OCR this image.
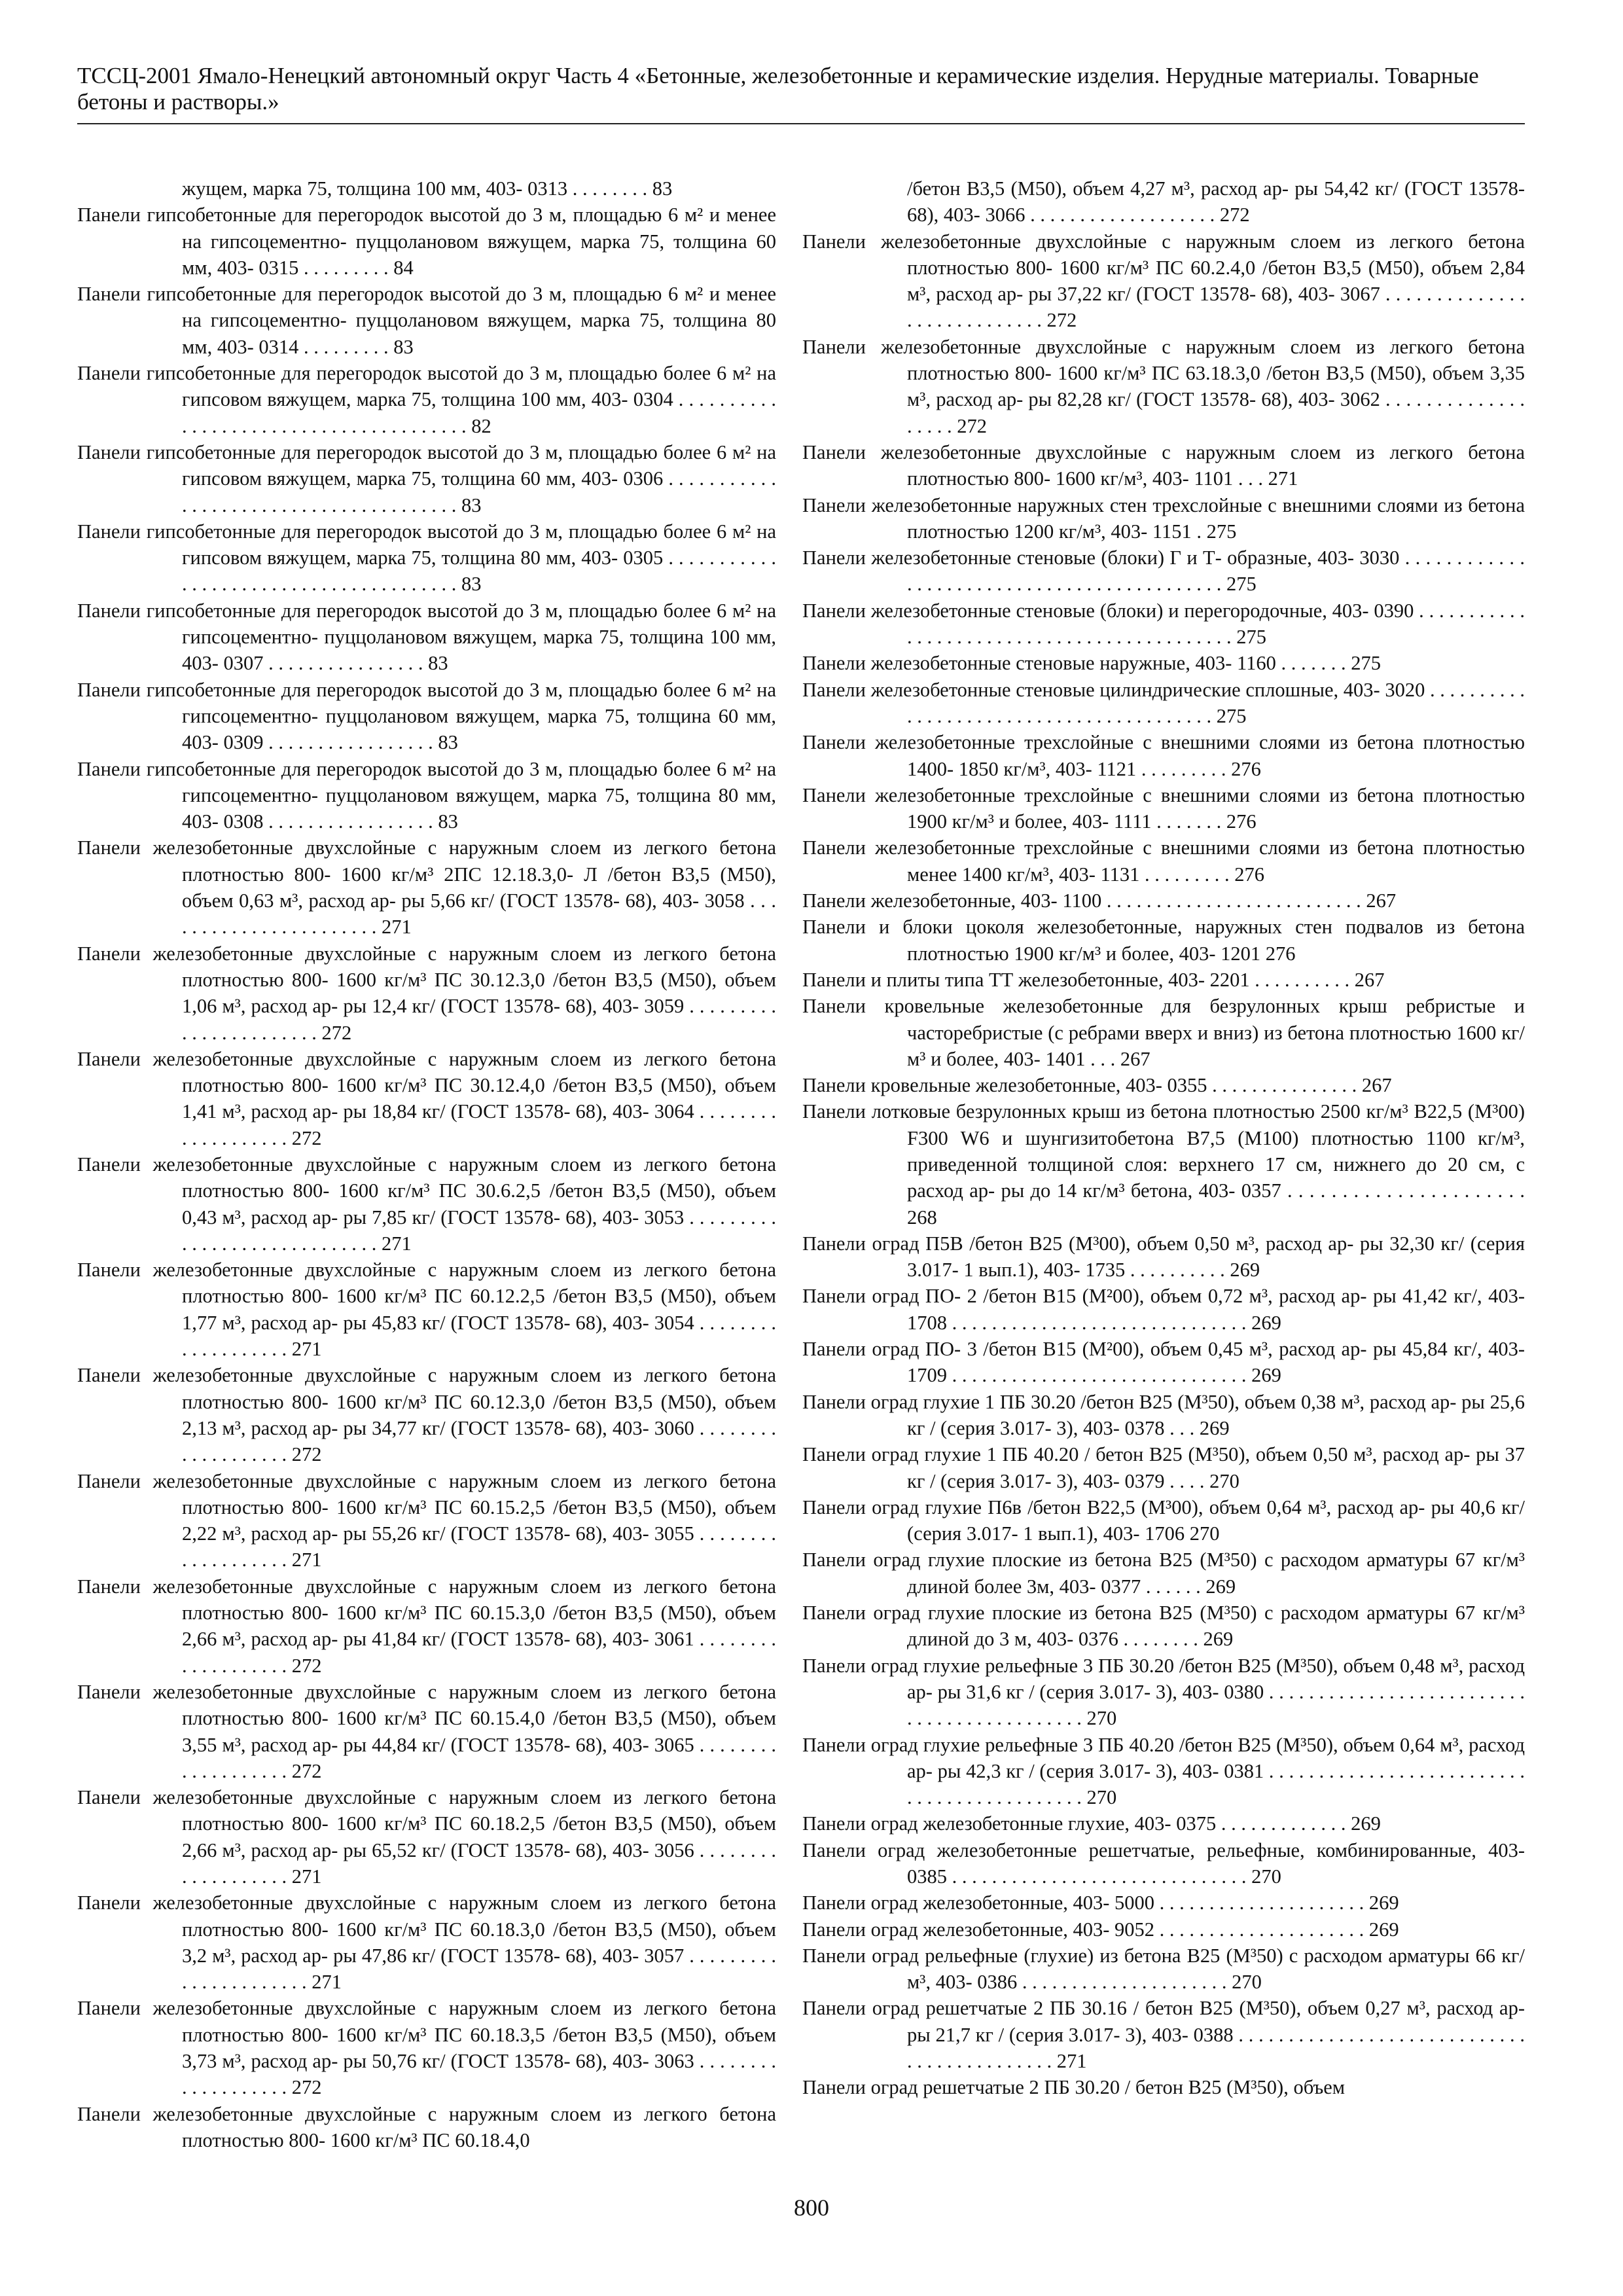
ТССЦ-2001 Ямало-Ненецкий автономный округ Часть 4 «Бетонные, железобетонные и керамические изделия. Нерудные материалы. Товарные бетоны и растворы.»
жущем, марка 75, толщина 100 мм, 403- 0313 . . . . . . . . 83
Панели гипсобетонные для перегородок высотой до 3 м, площадью 6 м² и менее на гипсоцементно- пуццолановом вяжущем, марка 75, толщина 60 мм, 403- 0315 . . . . . . . . . 84
Панели гипсобетонные для перегородок высотой до 3 м, площадью 6 м² и менее на гипсоцементно- пуццолановом вяжущем, марка 75, толщина 80 мм, 403- 0314 . . . . . . . . . 83
Панели гипсобетонные для перегородок высотой до 3 м, площадью более 6 м² на гипсовом вяжущем, марка 75, толщина 100 мм, 403- 0304 . . . . . . . . . . . . . . . . . . . . . . . . . . . . . . . . . . . . . . . 82
Панели гипсобетонные для перегородок высотой до 3 м, площадью более 6 м² на гипсовом вяжущем, марка 75, толщина 60 мм, 403- 0306 . . . . . . . . . . . . . . . . . . . . . . . . . . . . . . . . . . . . . . . 83
Панели гипсобетонные для перегородок высотой до 3 м, площадью более 6 м² на гипсовом вяжущем, марка 75, толщина 80 мм, 403- 0305 . . . . . . . . . . . . . . . . . . . . . . . . . . . . . . . . . . . . . . . 83
Панели гипсобетонные для перегородок высотой до 3 м, площадью более 6 м² на гипсоцементно- пуццолановом вяжущем, марка 75, толщина 100 мм, 403- 0307 . . . . . . . . . . . . . . . . 83
Панели гипсобетонные для перегородок высотой до 3 м, площадью более 6 м² на гипсоцементно- пуццолановом вяжущем, марка 75, толщина 60 мм, 403- 0309 . . . . . . . . . . . . . . . . . 83
Панели гипсобетонные для перегородок высотой до 3 м, площадью более 6 м² на гипсоцементно- пуццолановом вяжущем, марка 75, толщина 80 мм, 403- 0308 . . . . . . . . . . . . . . . . . 83
Панели железобетонные двухслойные с наружным слоем из легкого бетона плотностью 800- 1600 кг/м³ 2ПС 12.18.3,0- Л /бетон В3,5 (М50), объем 0,63 м³, расход ар- ры 5,66 кг/ (ГОСТ 13578- 68), 403- 3058 . . . . . . . . . . . . . . . . . . . . . . . 271
Панели железобетонные двухслойные с наружным слоем из легкого бетона плотностью 800- 1600 кг/м³ ПС 30.12.3,0 /бетон В3,5 (М50), объем 1,06 м³, расход ар- ры 12,4 кг/ (ГОСТ 13578- 68), 403- 3059 . . . . . . . . . . . . . . . . . . . . . . . 272
Панели железобетонные двухслойные с наружным слоем из легкого бетона плотностью 800- 1600 кг/м³ ПС 30.12.4,0 /бетон В3,5 (М50), объем 1,41 м³, расход ар- ры 18,84 кг/ (ГОСТ 13578- 68), 403- 3064 . . . . . . . . . . . . . . . . . . . 272
Панели железобетонные двухслойные с наружным слоем из легкого бетона плотностью 800- 1600 кг/м³ ПС 30.6.2,5 /бетон В3,5 (М50), объем 0,43 м³, расход ар- ры 7,85 кг/ (ГОСТ 13578- 68), 403- 3053 . . . . . . . . . . . . . . . . . . . . . . . . . . . . . 271
Панели железобетонные двухслойные с наружным слоем из легкого бетона плотностью 800- 1600 кг/м³ ПС 60.12.2,5 /бетон В3,5 (М50), объем 1,77 м³, расход ар- ры 45,83 кг/ (ГОСТ 13578- 68), 403- 3054 . . . . . . . . . . . . . . . . . . . 271
Панели железобетонные двухслойные с наружным слоем из легкого бетона плотностью 800- 1600 кг/м³ ПС 60.12.3,0 /бетон В3,5 (М50), объем 2,13 м³, расход ар- ры 34,77 кг/ (ГОСТ 13578- 68), 403- 3060 . . . . . . . . . . . . . . . . . . . 272
Панели железобетонные двухслойные с наружным слоем из легкого бетона плотностью 800- 1600 кг/м³ ПС 60.15.2,5 /бетон В3,5 (М50), объем 2,22 м³, расход ар- ры 55,26 кг/ (ГОСТ 13578- 68), 403- 3055 . . . . . . . . . . . . . . . . . . . 271
Панели железобетонные двухслойные с наружным слоем из легкого бетона плотностью 800- 1600 кг/м³ ПС 60.15.3,0 /бетон В3,5 (М50), объем 2,66 м³, расход ар- ры 41,84 кг/ (ГОСТ 13578- 68), 403- 3061 . . . . . . . . . . . . . . . . . . . 272
Панели железобетонные двухслойные с наружным слоем из легкого бетона плотностью 800- 1600 кг/м³ ПС 60.15.4,0 /бетон В3,5 (М50), объем 3,55 м³, расход ар- ры 44,84 кг/ (ГОСТ 13578- 68), 403- 3065 . . . . . . . . . . . . . . . . . . . 272
Панели железобетонные двухслойные с наружным слоем из легкого бетона плотностью 800- 1600 кг/м³ ПС 60.18.2,5 /бетон В3,5 (М50), объем 2,66 м³, расход ар- ры 65,52 кг/ (ГОСТ 13578- 68), 403- 3056 . . . . . . . . . . . . . . . . . . . 271
Панели железобетонные двухслойные с наружным слоем из легкого бетона плотностью 800- 1600 кг/м³ ПС 60.18.3,0 /бетон В3,5 (М50), объем 3,2 м³, расход ар- ры 47,86 кг/ (ГОСТ 13578- 68), 403- 3057 . . . . . . . . . . . . . . . . . . . . . . 271
Панели железобетонные двухслойные с наружным слоем из легкого бетона плотностью 800- 1600 кг/м³ ПС 60.18.3,5 /бетон В3,5 (М50), объем 3,73 м³, расход ар- ры 50,76 кг/ (ГОСТ 13578- 68), 403- 3063 . . . . . . . . . . . . . . . . . . . 272
Панели железобетонные двухслойные с наружным слоем из легкого бетона плотностью 800- 1600 кг/м³ ПС 60.18.4,0
/бетон В3,5 (М50), объем 4,27 м³, расход ар- ры 54,42 кг/ (ГОСТ 13578- 68), 403- 3066 . . . . . . . . . . . . . . . . . . . 272
Панели железобетонные двухслойные с наружным слоем из легкого бетона плотностью 800- 1600 кг/м³ ПС 60.2.4,0 /бетон В3,5 (М50), объем 2,84 м³, расход ар- ры 37,22 кг/ (ГОСТ 13578- 68), 403- 3067 . . . . . . . . . . . . . . . . . . . . . . . . . . . . 272
Панели железобетонные двухслойные с наружным слоем из легкого бетона плотностью 800- 1600 кг/м³ ПС 63.18.3,0 /бетон В3,5 (М50), объем 3,35 м³, расход ар- ры 82,28 кг/ (ГОСТ 13578- 68), 403- 3062 . . . . . . . . . . . . . . . . . . . 272
Панели железобетонные двухслойные с наружным слоем из легкого бетона плотностью 800- 1600 кг/м³, 403- 1101 . . . 271
Панели железобетонные наружных стен трехслойные с внешними слоями из бетона плотностью 1200 кг/м³, 403- 1151 . 275
Панели железобетонные стеновые (блоки) Г и Т- образные, 403- 3030 . . . . . . . . . . . . . . . . . . . . . . . . . . . . . . . . . . . . . . . . . . . . 275
Панели железобетонные стеновые (блоки) и перегородочные, 403- 0390 . . . . . . . . . . . . . . . . . . . . . . . . . . . . . . . . . . . . . . . . . . . . 275
Панели железобетонные стеновые наружные, 403- 1160 . . . . . . . 275
Панели железобетонные стеновые цилиндрические сплошные, 403- 3020 . . . . . . . . . . . . . . . . . . . . . . . . . . . . . . . . . . . . . . . . . 275
Панели железобетонные трехслойные с внешними слоями из бетона плотностью 1400- 1850 кг/м³, 403- 1121 . . . . . . . . . 276
Панели железобетонные трехслойные с внешними слоями из бетона плотностью 1900 кг/м³ и более, 403- 1111 . . . . . . . 276
Панели железобетонные трехслойные с внешними слоями из бетона плотностью менее 1400 кг/м³, 403- 1131 . . . . . . . . . 276
Панели железобетонные, 403- 1100 . . . . . . . . . . . . . . . . . . . . . . . . . . 267
Панели и блоки цоколя железобетонные, наружных стен подвалов из бетона плотностью 1900 кг/м³ и более, 403- 1201 276
Панели и плиты типа ТТ железобетонные, 403- 2201 . . . . . . . . . . 267
Панели кровельные железобетонные для безрулонных крыш ребристые и часторебристые (с ребрами вверх и вниз) из бетона плотностью 1600 кг/м³ и более, 403- 1401 . . . 267
Панели кровельные железобетонные, 403- 0355 . . . . . . . . . . . . . . . 267
Панели лотковые безрулонных крыш из бетона плотностью 2500 кг/м³ В22,5 (М³00) F300 W6 и шунгизитобетона В7,5 (М100) плотностью 1100 кг/м³, приведенной толщиной слоя: верхнего 17 см, нижнего до 20 см, с расход ар- ры до 14 кг/м³ бетона, 403- 0357 . . . . . . . . . . . . . . . . . . . . . . 268
Панели оград П5В /бетон В25 (М³00), объем 0,50 м³, расход ар- ры 32,30 кг/ (серия 3.017- 1 вып.1), 403- 1735 . . . . . . . . . . 269
Панели оград ПО- 2 /бетон В15 (М²00), объем 0,72 м³, расход ар- ры 41,42 кг/, 403- 1708 . . . . . . . . . . . . . . . . . . . . . . . . . . . . . . 269
Панели оград ПО- 3 /бетон В15 (М²00), объем 0,45 м³, расход ар- ры 45,84 кг/, 403- 1709 . . . . . . . . . . . . . . . . . . . . . . . . . . . . . . 269
Панели оград глухие 1 ПБ 30.20 /бетон В25 (М³50), объем 0,38 м³, расход ар- ры 25,6 кг / (серия 3.017- 3), 403- 0378 . . . 269
Панели оград глухие 1 ПБ 40.20 / бетон В25 (М³50), объем 0,50 м³, расход ар- ры 37 кг / (серия 3.017- 3), 403- 0379 . . . . 270
Панели оград глухие П6в /бетон В22,5 (М³00), объем 0,64 м³, расход ар- ры 40,6 кг/ (серия 3.017- 1 вып.1), 403- 1706 270
Панели оград глухие плоские из бетона В25 (М³50) с расходом арматуры 67 кг/м³ длиной более 3м, 403- 0377 . . . . . . 269
Панели оград глухие плоские из бетона В25 (М³50) с расходом арматуры 67 кг/м³ длиной до 3 м, 403- 0376 . . . . . . . . 269
Панели оград глухие рельефные 3 ПБ 30.20 /бетон В25 (М³50), объем 0,48 м³, расход ар- ры 31,6 кг / (серия 3.017- 3), 403- 0380 . . . . . . . . . . . . . . . . . . . . . . . . . . . . . . . . . . . . . . . . . . . . 270
Панели оград глухие рельефные 3 ПБ 40.20 /бетон В25 (М³50), объем 0,64 м³, расход ар- ры 42,3 кг / (серия 3.017- 3), 403- 0381 . . . . . . . . . . . . . . . . . . . . . . . . . . . . . . . . . . . . . . . . . . . . 270
Панели оград железобетонные глухие, 403- 0375 . . . . . . . . . . . . . 269
Панели оград железобетонные решетчатые, рельефные, комбинированные, 403- 0385 . . . . . . . . . . . . . . . . . . . . . . . . . . . . . . 270
Панели оград железобетонные, 403- 5000 . . . . . . . . . . . . . . . . . . . . . 269
Панели оград железобетонные, 403- 9052 . . . . . . . . . . . . . . . . . . . . . 269
Панели оград рельефные (глухие) из бетона В25 (М³50) с расходом арматуры 66 кг/м³, 403- 0386 . . . . . . . . . . . . . . . . . . . . . 270
Панели оград решетчатые 2 ПБ 30.16 / бетон В25 (М³50), объем 0,27 м³, расход ар- ры 21,7 кг / (серия 3.017- 3), 403- 0388 . . . . . . . . . . . . . . . . . . . . . . . . . . . . . . . . . . . . . . . . . . . . 271
Панели оград решетчатые 2 ПБ 30.20 / бетон В25 (М³50), объем
800
